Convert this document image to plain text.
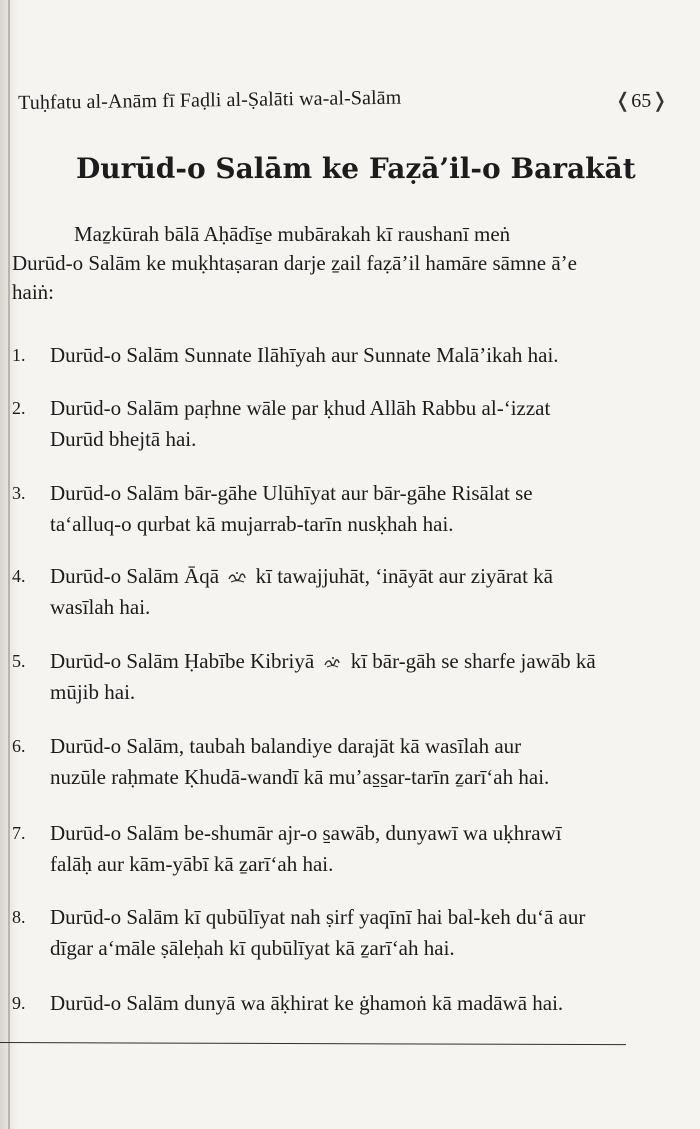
Tuḥfatu al-Anām fī Faḍli al-Ṣalāti wa-al-Salām	❬65❭
Durūd-o Salām ke Faẓā’il-o Barakāt
Maẕkūrah bālā Aḥādīs̱e mubārakah kī raushanī meṅ
Durūd-o Salām ke muḳhtaṣaran darje ẕail faẓā’il hamāre sāmne ā’e
haiṅ:
1. Durūd-o Salām Sunnate Ilāhīyah aur Sunnate Malā’ikah hai.
2. Durūd-o Salām paṛhne wāle par ḳhud Allāh Rabbu al-‘izzat
Durūd bhejtā hai.
3. Durūd-o Salām bār-gāhe Ulūhīyat aur bār-gāhe Risālat se
ta‘alluq-o qurbat kā mujarrab-tarīn nusḳhah hai.
4. Durūd-o Salām Āqā kī tawajjuhāt, ‘ināyāt aur ziyārat kā
wasīlah hai.
5. Durūd-o Salām Ḥabībe Kibriyā kī bār-gāh se sharfe jawāb kā
mūjib hai.
6. Durūd-o Salām, taubah balandiye darajāt kā wasīlah aur
nuzūle raḥmate Ḳhudā-wandī kā mu’as̱s̱ar-tarīn ẕarī‘ah hai.
7. Durūd-o Salām be-shumār ajr-o s̱awāb, dunyawī wa uḳhrawī
falāḥ aur kām-yābī kā ẕarī‘ah hai.
8. Durūd-o Salām kī qubūlīyat nah ṣirf yaqīnī hai bal-keh du‘ā aur
dīgar a‘māle ṣāleḥah kī qubūlīyat kā ẕarī‘ah hai.
9. Durūd-o Salām dunyā wa āḳhirat ke ġhamoṅ kā madāwā hai.
